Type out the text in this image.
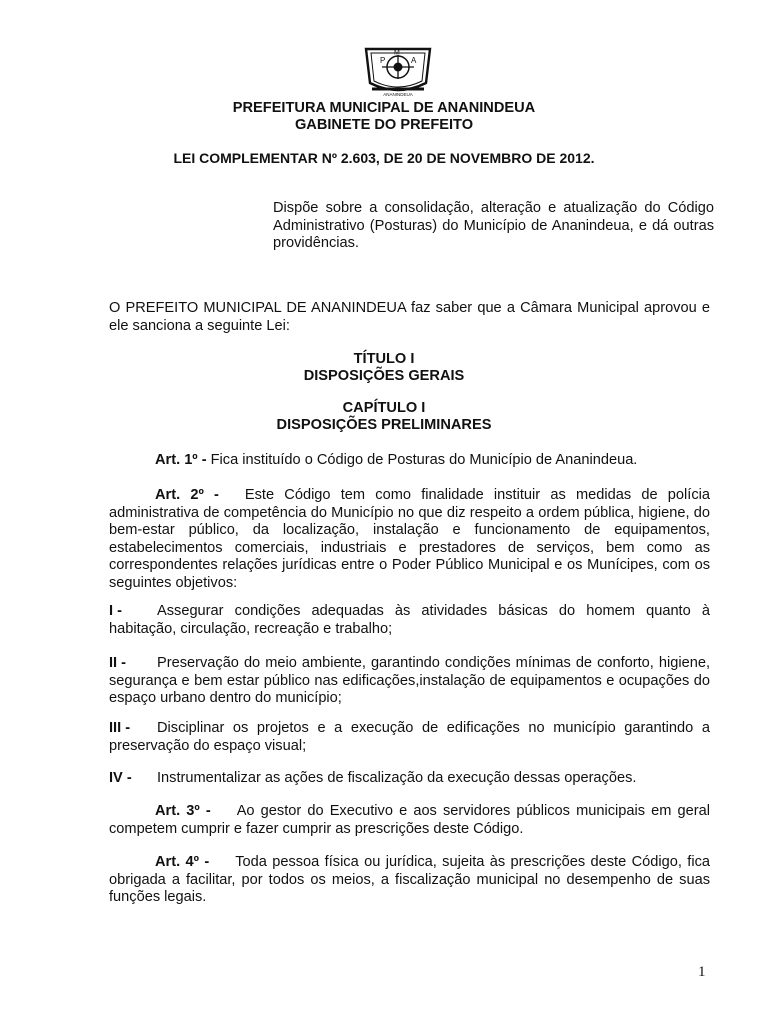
P
M
A
ANANINDEUA
PREFEITURA MUNICIPAL DE ANANINDEUA
GABINETE DO PREFEITO
LEI COMPLEMENTAR Nº 2.603, DE 20 DE NOVEMBRO DE 2012.
Dispõe sobre a consolidação, alteração e atualização do Código Administrativo (Posturas) do Município de Ananindeua, e dá outras providências.
O PREFEITO MUNICIPAL DE ANANINDEUA faz saber que a Câmara Municipal aprovou e ele sanciona a seguinte Lei:
TÍTULO I
DISPOSIÇÕES GERAIS
CAPÍTULO I
DISPOSIÇÕES PRELIMINARES
Art. 1º - Fica instituído o Código de Posturas do Município de Ananindeua.
Art. 2º - Este Código tem como finalidade instituir as medidas de polícia administrativa de competência do Município no que diz respeito a ordem pública, higiene, do bem-estar público, da localização, instalação e funcionamento de equipamentos, estabelecimentos comerciais, industriais e prestadores de serviços, bem como as correspondentes relações jurídicas entre o Poder Público Municipal e os Munícipes, com os seguintes objetivos:
I - Assegurar condições adequadas às atividades básicas do homem quanto à habitação, circulação, recreação e trabalho;
II - Preservação do meio ambiente, garantindo condições mínimas de conforto, higiene, segurança e bem estar público nas edificações,instalação de equipamentos e ocupações do espaço urbano dentro do município;
III - Disciplinar os projetos e a execução de edificações no município garantindo a preservação do espaço visual;
IV - Instrumentalizar as ações de fiscalização da execução dessas operações.
Art. 3º - Ao gestor do Executivo e aos servidores públicos municipais em geral competem cumprir e fazer cumprir as prescrições deste Código.
Art. 4º - Toda pessoa física ou jurídica, sujeita às prescrições deste Código, fica obrigada a facilitar, por todos os meios, a fiscalização municipal no desempenho de suas funções legais.
1
